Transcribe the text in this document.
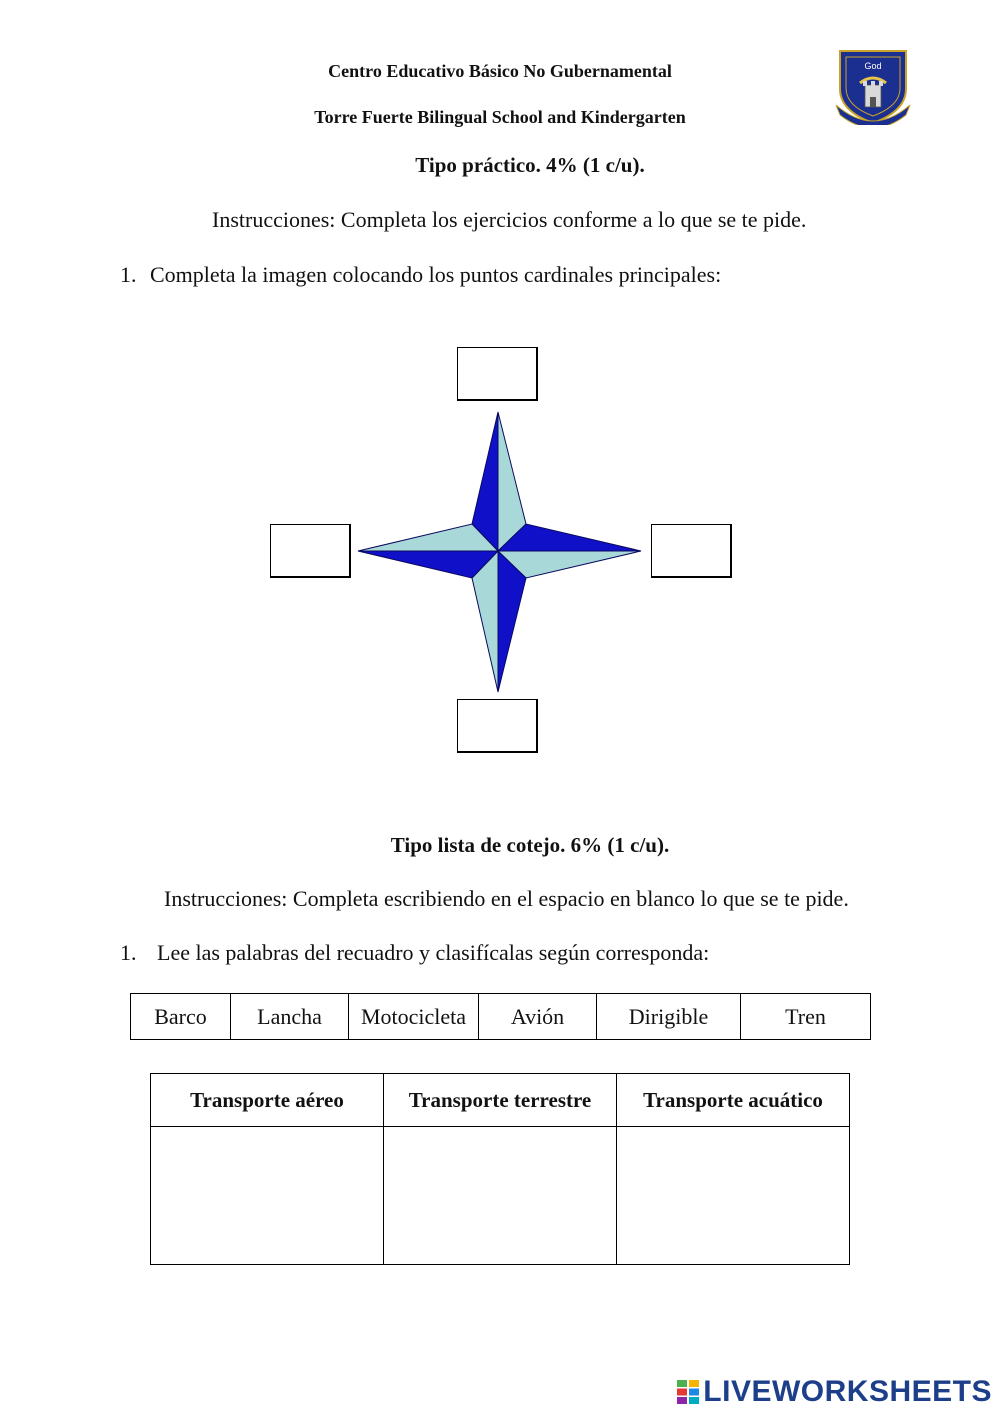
Centro Educativo Básico No Gubernamental
Torre Fuerte Bilingual School and Kindergarten
God
Tipo práctico. 4% (1 c/u).
Instrucciones: Completa los ejercicios conforme a lo que se te pide.
1. Completa la imagen colocando los puntos cardinales principales:
Tipo lista de cotejo. 6% (1 c/u).
Instrucciones: Completa escribiendo en el espacio en blanco lo que se te pide.
1. Lee las palabras del recuadro y clasifícalas según corresponda:
Barco	Lancha	Motocicleta	Avión	Dirigible	Tren
Transporte aéreo	Transporte terrestre	Transporte acuático

LIVEWORKSHEETS
